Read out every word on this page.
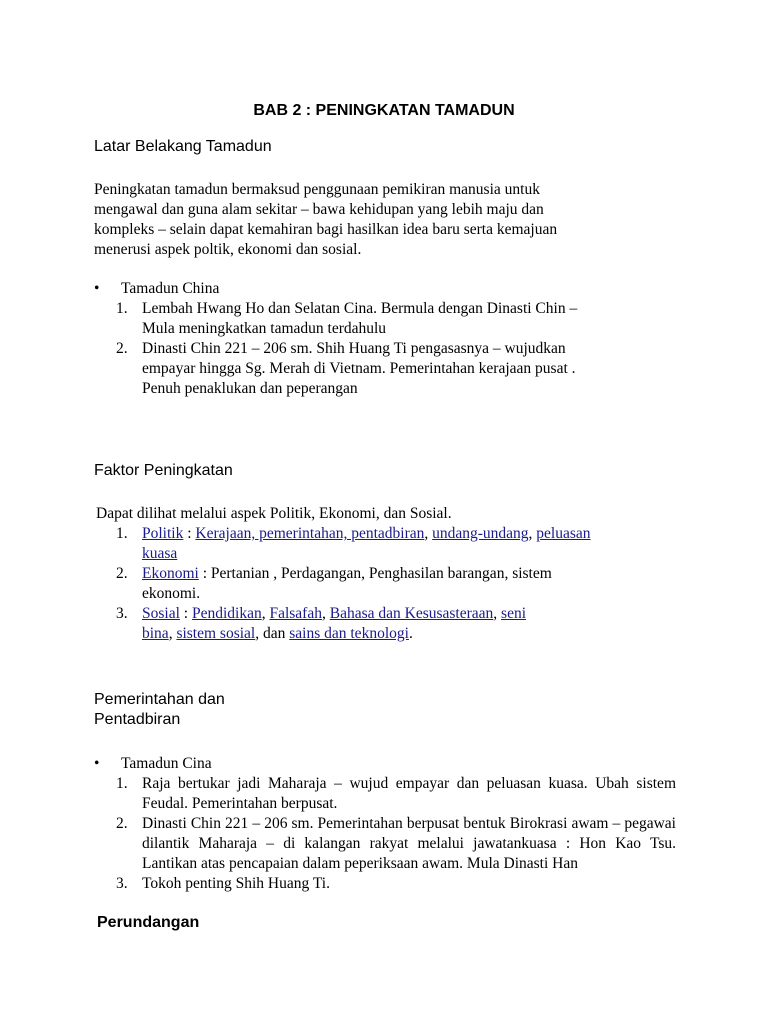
BAB 2 : PENINGKATAN TAMADUN
Latar Belakang Tamadun
Peningkatan tamadun bermaksud penggunaan pemikiran manusia untuk
mengawal dan guna alam sekitar – bawa kehidupan yang lebih maju dan
kompleks – selain dapat kemahiran bagi hasilkan idea baru serta kemajuan
menerusi aspek poltik, ekonomi dan sosial.
• Tamadun China
1. Lembah Hwang Ho dan Selatan Cina. Bermula dengan Dinasti Chin –
Mula meningkatkan tamadun terdahulu
2. Dinasti Chin 221 – 206 sm. Shih Huang Ti pengasasnya – wujudkan
empayar hingga Sg. Merah di Vietnam. Pemerintahan kerajaan pusat .
Penuh penaklukan dan peperangan
Faktor Peningkatan
Dapat dilihat melalui aspek Politik, Ekonomi, dan Sosial.
1. Politik : Kerajaan, pemerintahan, pentadbiran, undang-undang, peluasan
kuasa
2. Ekonomi : Pertanian , Perdagangan, Penghasilan barangan, sistem
ekonomi.
3. Sosial : Pendidikan, Falsafah, Bahasa dan Kesusasteraan, seni
bina, sistem sosial, dan sains dan teknologi.
Pemerintahan dan
Pentadbiran
• Tamadun Cina
1. Raja bertukar jadi Maharaja – wujud empayar dan peluasan kuasa. Ubah sistem Feudal. Pemerintahan berpusat.
2. Dinasti Chin 221 – 206 sm. Pemerintahan berpusat bentuk Birokrasi awam – pegawai dilantik Maharaja – di kalangan rakyat melalui jawatankuasa : Hon Kao Tsu. Lantikan atas pencapaian dalam peperiksaan awam. Mula Dinasti Han
3. Tokoh penting Shih Huang Ti.
Perundangan
